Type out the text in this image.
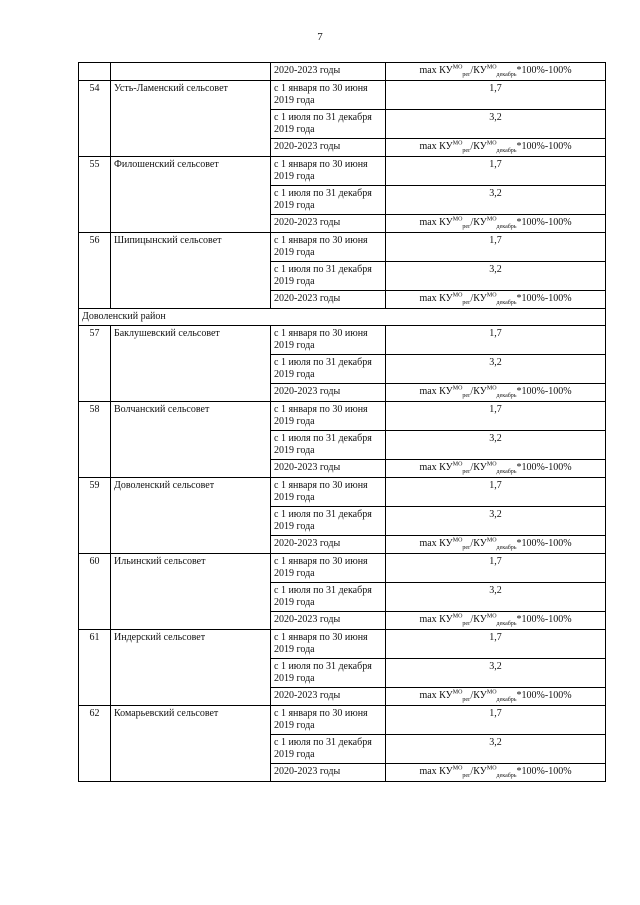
7
		2020-2023 годы	$\max КУ^{МО}_{рег}/КУ^{МО}_{декабрь}*100\%-100\%$
54	Усть-Ламенский сельсовет	с 1 января по 30 июня 2019 года	1,7
		с 1 июля по 31 декабря 2019 года	3,2
		2020-2023 годы	$\max КУ^{МО}_{рег}/КУ^{МО}_{декабрь}*100\%-100\%$
55	Филошенский сельсовет	с 1 января по 30 июня 2019 года	1,7
		с 1 июля по 31 декабря 2019 года	3,2
		2020-2023 годы	$\max КУ^{МО}_{рег}/КУ^{МО}_{декабрь}*100\%-100\%$
56	Шипицынский сельсовет	с 1 января по 30 июня 2019 года	1,7
		с 1 июля по 31 декабря 2019 года	3,2
		2020-2023 годы	$\max КУ^{МО}_{рег}/КУ^{МО}_{декабрь}*100\%-100\%$
Доволенский район			
57	Баклушевский сельсовет	с 1 января по 30 июня 2019 года	1,7
		с 1 июля по 31 декабря 2019 года	3,2
		2020-2023 годы	$\max КУ^{МО}_{рег}/КУ^{МО}_{декабрь}*100\%-100\%$
58	Волчанский сельсовет	с 1 января по 30 июня 2019 года	1,7
		с 1 июля по 31 декабря 2019 года	3,2
		2020-2023 годы	$\max КУ^{МО}_{рег}/КУ^{МО}_{декабрь}*100\%-100\%$
59	Доволенский сельсовет	с 1 января по 30 июня 2019 года	1,7
		с 1 июля по 31 декабря 2019 года	3,2
		2020-2023 годы	$\max КУ^{МО}_{рег}/КУ^{МО}_{декабрь}*100\%-100\%$
60	Ильинский сельсовет	с 1 января по 30 июня 2019 года	1,7
		с 1 июля по 31 декабря 2019 года	3,2
		2020-2023 годы	$\max КУ^{МО}_{рег}/КУ^{МО}_{декабрь}*100\%-100\%$
61	Индерский сельсовет	с 1 января по 30 июня 2019 года	1,7
		с 1 июля по 31 декабря 2019 года	3,2
		2020-2023 годы	$\max КУ^{МО}_{рег}/КУ^{МО}_{декабрь}*100\%-100\%$
62	Комарьевский сельсовет	с 1 января по 30 июня 2019 года	1,7
		с 1 июля по 31 декабря 2019 года	3,2
		2020-2023 годы	$\max КУ^{МО}_{рег}/КУ^{МО}_{декабрь}*100\%-100\%$
